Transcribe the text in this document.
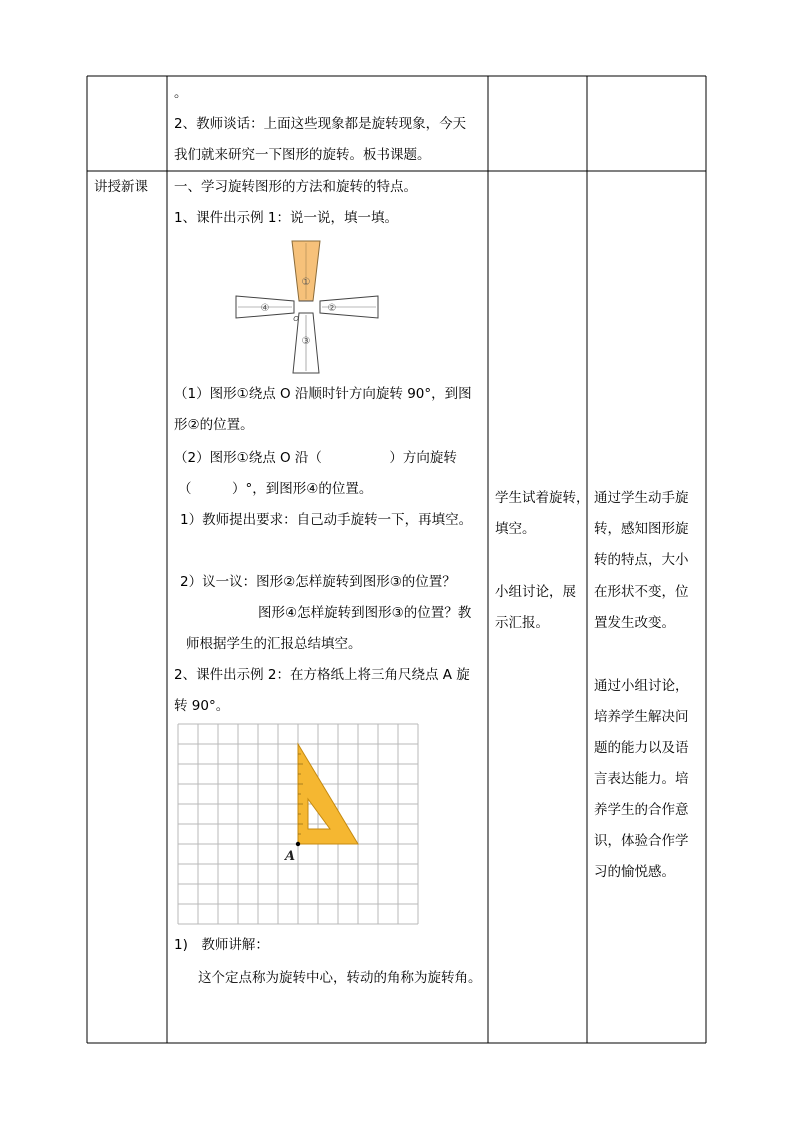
。
2、教师谈话：上面这些现象都是旋转现象，今天
我们就来研究一下图形的旋转。板书课题。
讲授新课 一、学习旋转图形的方法和旋转的特点。
1、课件出示例 1：说一说，填一填。
①
②
③
④
O
（1）图形①绕点 O 沿顺时针方向旋转 90°，到图
形②的位置。
（2）图形①绕点 O 沿（　　　　　）方向旋转
（　　　）°，到图形④的位置。
1）教师提出要求：自己动手旋转一下，再填空。
2）议一议：图形②怎样旋转到图形③的位置？
图形④怎样旋转到图形③的位置？教
师根据学生的汇报总结填空。
2、课件出示例 2：在方格纸上将三角尺绕点 A 旋
转 90°。
A
1)　教师讲解：
这个定点称为旋转中心，转动的角称为旋转角。
学生试着旋转，
填空。
小组讨论，展
示汇报。
通过学生动手旋
转，感知图形旋
转的特点，大小
在形状不变，位
置发生改变。
通过小组讨论，
培养学生解决问
题的能力以及语
言表达能力。培
养学生的合作意
识，体验合作学
习的愉悦感。
